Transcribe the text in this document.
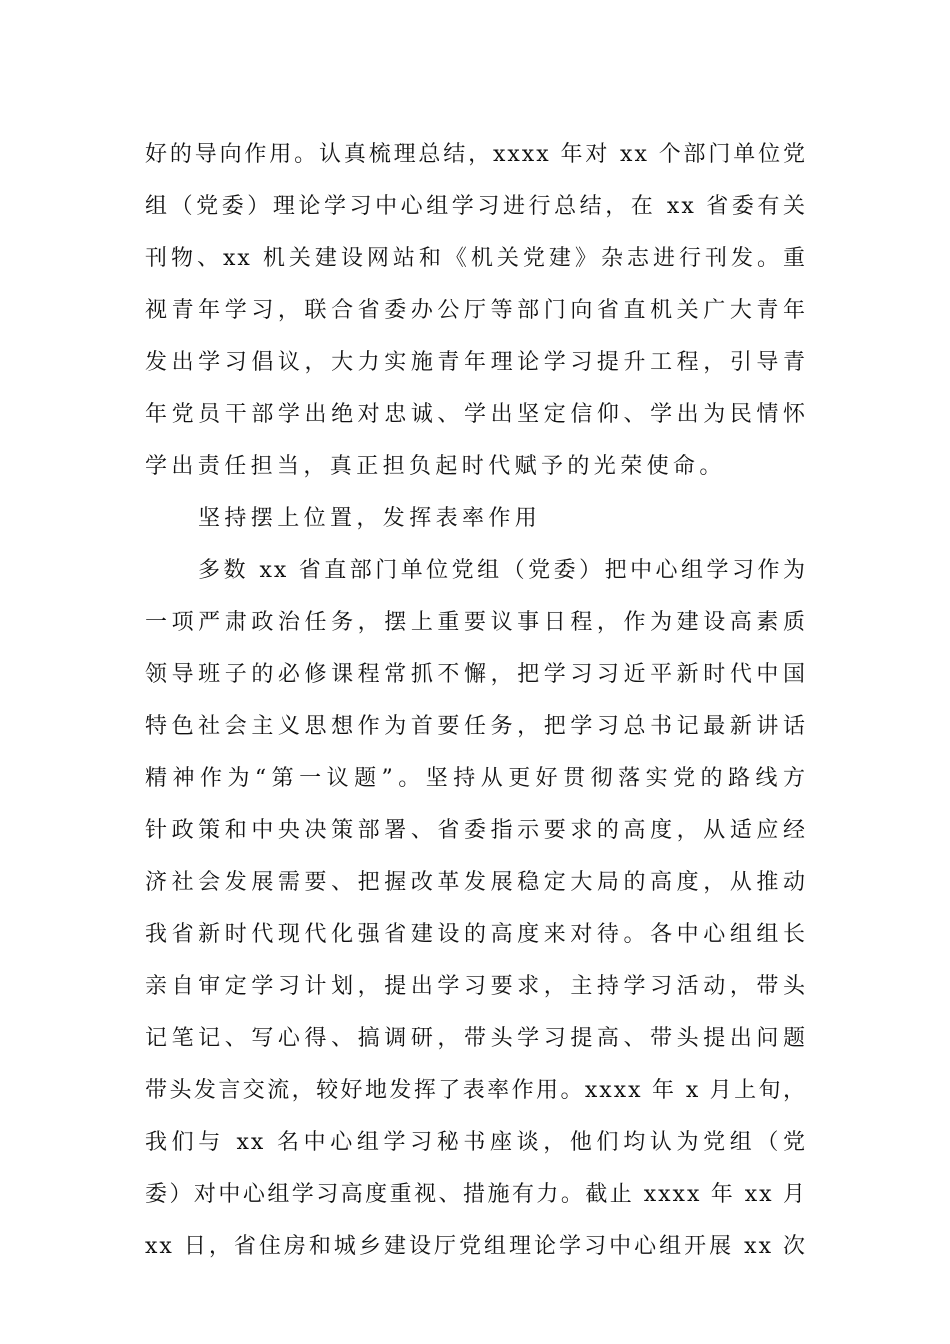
好的导向作用。认真梳理总结，xxxx 年对 xx 个部门单位党
组（党委）理论学习中心组学习进行总结，在 xx 省委有关
刊物、xx 机关建设网站和《机关党建》杂志进行刊发。重
视青年学习，联合省委办公厅等部门向省直机关广大青年
发出学习倡议，大力实施青年理论学习提升工程，引导青
年党员干部学出绝对忠诚、学出坚定信仰、学出为民情怀
学出责任担当，真正担负起时代赋予的光荣使命。
坚持摆上位置，发挥表率作用
多数 xx 省直部门单位党组（党委）把中心组学习作为
一项严肃政治任务，摆上重要议事日程，作为建设高素质
领导班子的必修课程常抓不懈，把学习习近平新时代中国
特色社会主义思想作为首要任务，把学习总书记最新讲话
精神作为“第一议题”。坚持从更好贯彻落实党的路线方
针政策和中央决策部署、省委指示要求的高度，从适应经
济社会发展需要、把握改革发展稳定大局的高度，从推动
我省新时代现代化强省建设的高度来对待。各中心组组长
亲自审定学习计划，提出学习要求，主持学习活动，带头
记笔记、写心得、搞调研，带头学习提高、带头提出问题
带头发言交流，较好地发挥了表率作用。xxxx 年 x 月上旬，
我们与 xx 名中心组学习秘书座谈，他们均认为党组（党
委）对中心组学习高度重视、措施有力。截止 xxxx 年 xx 月
xx 日，省住房和城乡建设厅党组理论学习中心组开展 xx 次
